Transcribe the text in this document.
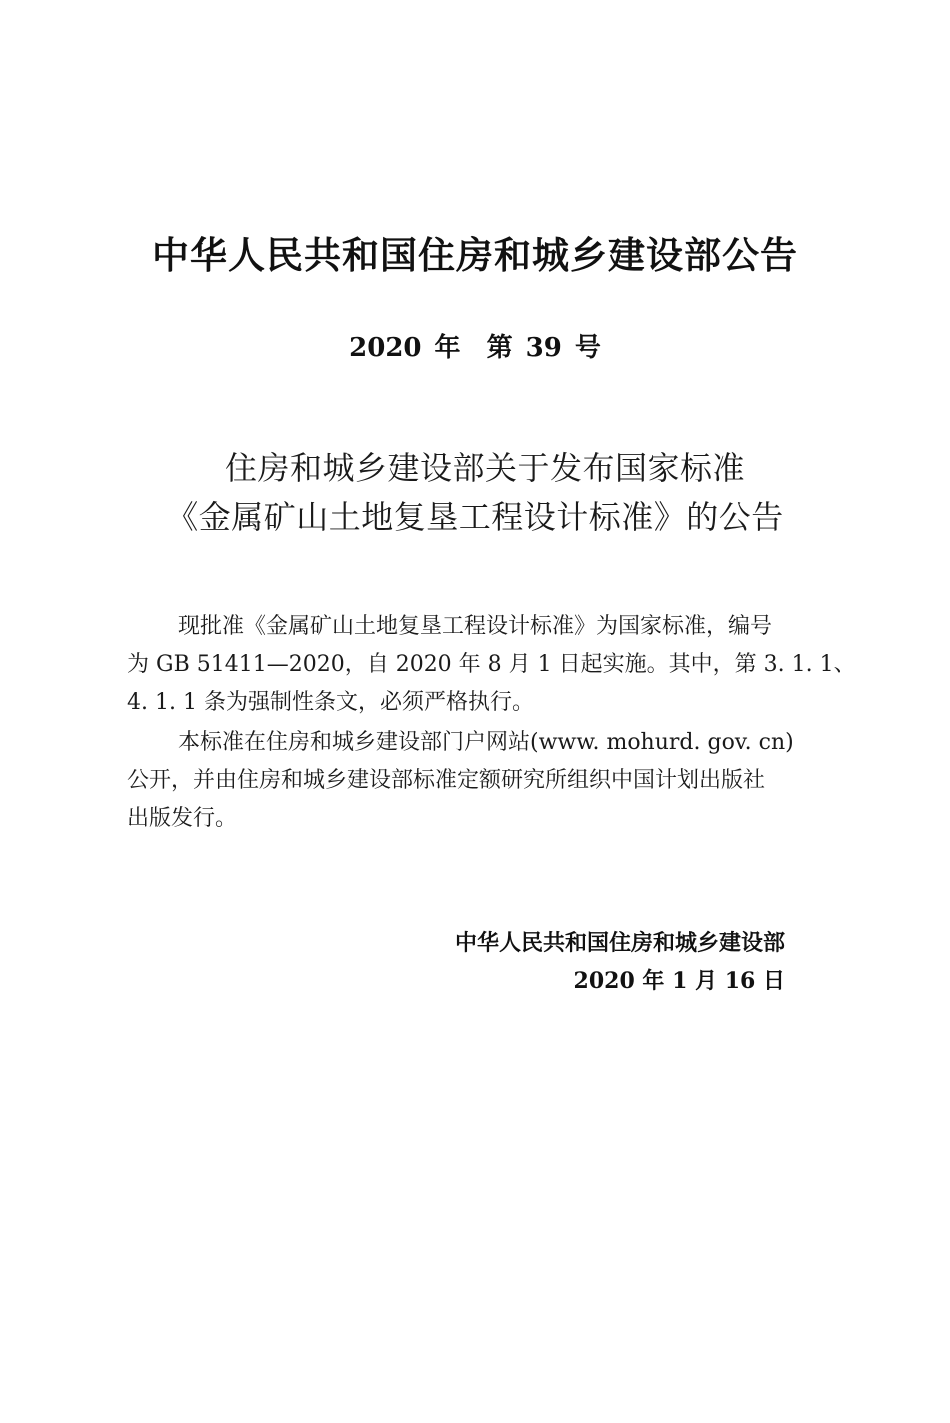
中华人民共和国住房和城乡建设部公告
2020 年 第 39 号
住房和城乡建设部关于发布国家标准
《金属矿山土地复垦工程设计标准》的公告
现批准《金属矿山土地复垦工程设计标准》为国家标准，编号
为 GB 51411—2020，自 2020 年 8 月 1 日起实施。其中，第 3. 1. 1、
4. 1. 1 条为强制性条文，必须严格执行。
本标准在住房和城乡建设部门户网站(www. mohurd. gov. cn)
公开，并由住房和城乡建设部标准定额研究所组织中国计划出版社
出版发行。
中华人民共和国住房和城乡建设部
2020 年 1 月 16 日
